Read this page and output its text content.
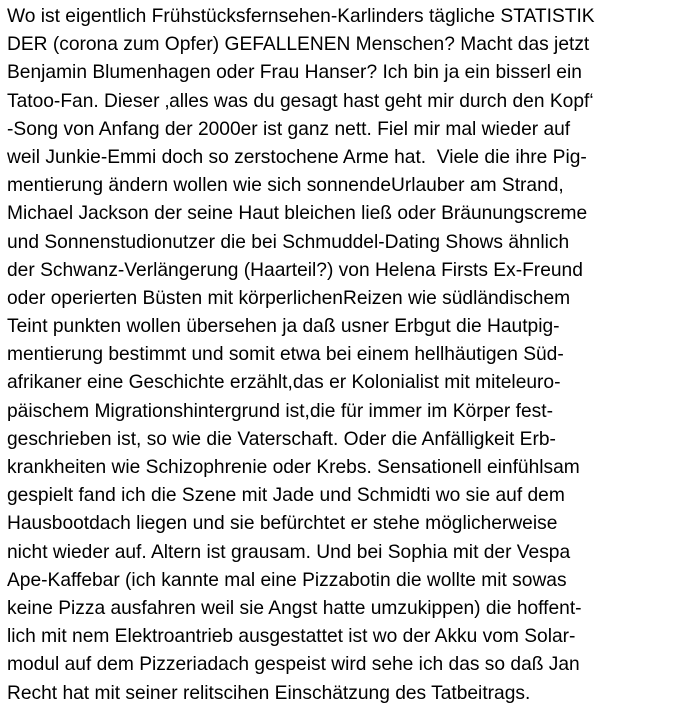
Wo ist eigentlich Frühstücksfernsehen-Karlinders tägliche STATISTIK
DER (corona zum Opfer) GEFALLENEN Menschen? Macht das jetzt
Benjamin Blumenhagen oder Frau Hanser? Ich bin ja ein bisserl ein
Tatoo-Fan. Dieser ‚alles was du gesagt hast geht mir durch den Kopf‘
-Song von Anfang der 2000er ist ganz nett. Fiel mir mal wieder auf
weil Junkie-Emmi doch so zerstochene Arme hat.  Viele die ihre Pig-
mentierung ändern wollen wie sich sonnendeUrlauber am Strand,
Michael Jackson der seine Haut bleichen ließ oder Bräunungscreme
und Sonnenstudionutzer die bei Schmuddel-Dating Shows ähnlich
der Schwanz-Verlängerung (Haarteil?) von Helena Firsts Ex-Freund
oder operierten Büsten mit körperlichenReizen wie südländischem
Teint punkten wollen übersehen ja daß usner Erbgut die Hautpig-
mentierung bestimmt und somit etwa bei einem hellhäutigen Süd-
afrikaner eine Geschichte erzählt,das er Kolonialist mit miteleuro-
päischem Migrationshintergrund ist,die für immer im Körper fest-
geschrieben ist, so wie die Vaterschaft. Oder die Anfälligkeit Erb-
krankheiten wie Schizophrenie oder Krebs. Sensationell einfühlsam
gespielt fand ich die Szene mit Jade und Schmidti wo sie auf dem
Hausbootdach liegen und sie befürchtet er stehe möglicherweise
nicht wieder auf. Altern ist grausam. Und bei Sophia mit der Vespa
Ape-Kaffebar (ich kannte mal eine Pizzabotin die wollte mit sowas
keine Pizza ausfahren weil sie Angst hatte umzukippen) die hoffent-
lich mit nem Elektroantrieb ausgestattet ist wo der Akku vom Solar-
modul auf dem Pizzeriadach gespeist wird sehe ich das so daß Jan
Recht hat mit seiner relitscihen Einschätzung des Tatbeitrags.
